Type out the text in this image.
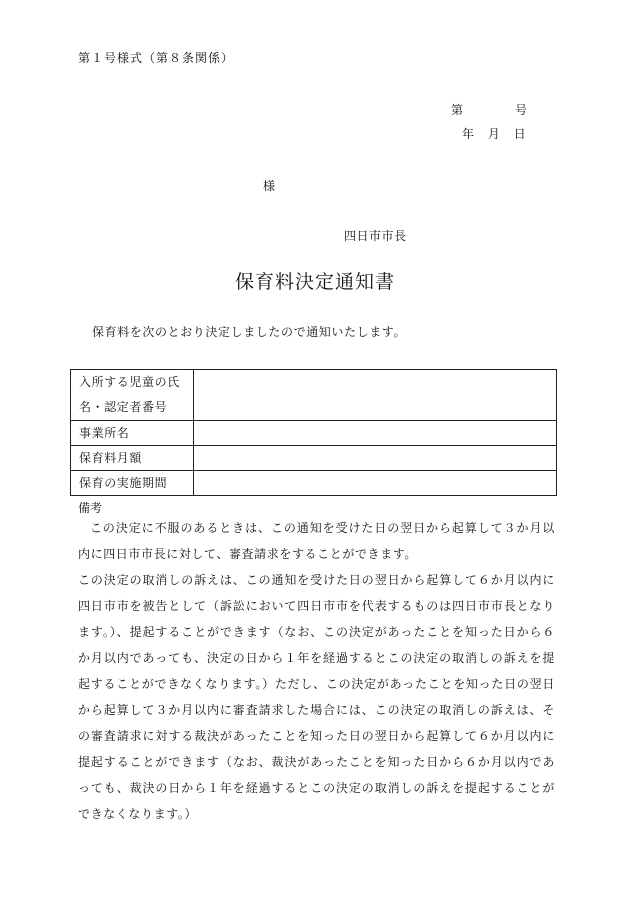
第１号様式（第８条関係）
第	号
年 月 日
様
四日市市長
保育料決定通知書
保育料を次のとおり決定しましたので通知いたします。
入所する児童の氏名・認定者番号	
事業所名	
保育料月額	
保育の実施期間	
備考

この決定に不服のあるときは、この通知を受けた日の翌日から起算して３か月以内に四日市市長に対して、審査請求をすることができます。

この決定の取消しの訴えは、この通知を受けた日の翌日から起算して６か月以内に四日市市を被告として（訴訟において四日市市を代表するものは四日市市長となります。）、提起することができます（なお、この決定があったことを知った日から６か月以内であっても、決定の日から１年を経過するとこの決定の取消しの訴えを提起することができなくなります。）ただし、この決定があったことを知った日の翌日から起算して３か月以内に審査請求した場合には、この決定の取消しの訴えは、その審査請求に対する裁決があったことを知った日の翌日から起算して６か月以内に提起することができます（なお、裁決があったことを知った日から６か月以内であっても、裁決の日から１年を経過するとこの決定の取消しの訴えを提起することができなくなります。）
